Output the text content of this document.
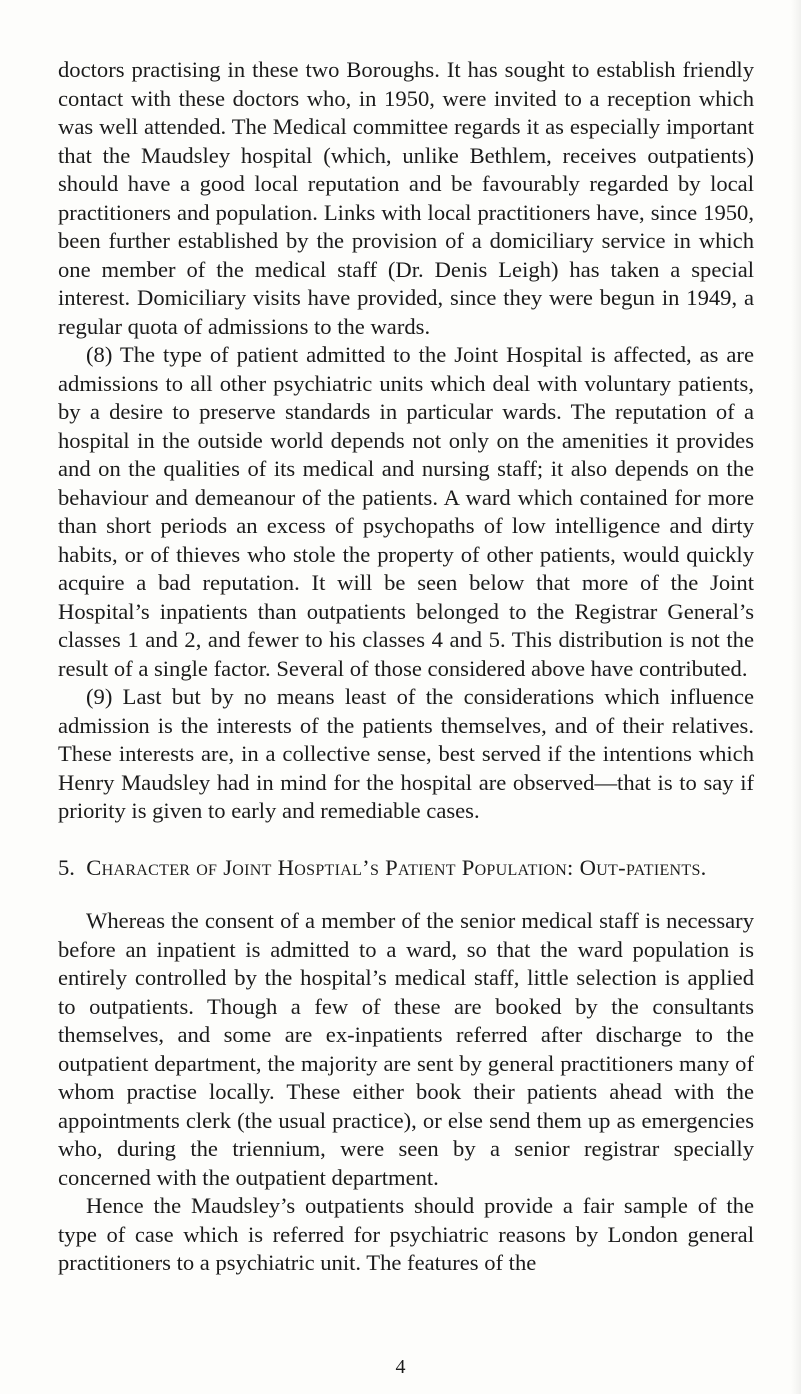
doctors practising in these two Boroughs. It has sought to establish friendly contact with these doctors who, in 1950, were invited to a reception which was well attended. The Medical committee regards it as especially important that the Maudsley hospital (which, unlike Bethlem, receives outpatients) should have a good local reputation and be favourably regarded by local practitioners and population. Links with local practitioners have, since 1950, been further established by the provision of a domiciliary service in which one member of the medical staff (Dr. Denis Leigh) has taken a special interest. Domiciliary visits have provided, since they were begun in 1949, a regular quota of admissions to the wards.

(8) The type of patient admitted to the Joint Hospital is affected, as are admissions to all other psychiatric units which deal with voluntary patients, by a desire to preserve standards in particular wards. The reputation of a hospital in the outside world depends not only on the amenities it provides and on the qualities of its medical and nursing staff; it also depends on the behaviour and demeanour of the patients. A ward which contained for more than short periods an excess of psychopaths of low intelligence and dirty habits, or of thieves who stole the property of other patients, would quickly acquire a bad reputation. It will be seen below that more of the Joint Hospital’s inpatients than outpatients belonged to the Registrar General’s classes 1 and 2, and fewer to his classes 4 and 5. This distribution is not the result of a single factor. Several of those considered above have contributed.

(9) Last but by no means least of the considerations which influence admission is the interests of the patients themselves, and of their relatives. These interests are, in a collective sense, best served if the intentions which Henry Maudsley had in mind for the hospital are observed—that is to say if priority is given to early and remediable cases.

5. Character of Joint Hosptial’s Patient Population: Out-patients.

Whereas the consent of a member of the senior medical staff is necessary before an inpatient is admitted to a ward, so that the ward population is entirely controlled by the hospital’s medical staff, little selection is applied to outpatients. Though a few of these are booked by the consultants themselves, and some are ex-inpatients referred after discharge to the outpatient department, the majority are sent by general practitioners many of whom practise locally. These either book their patients ahead with the appointments clerk (the usual practice), or else send them up as emergencies who, during the triennium, were seen by a senior registrar specially concerned with the outpatient department.

Hence the Maudsley’s outpatients should provide a fair sample of the type of case which is referred for psychiatric reasons by London general practitioners to a psychiatric unit. The features of the

4
